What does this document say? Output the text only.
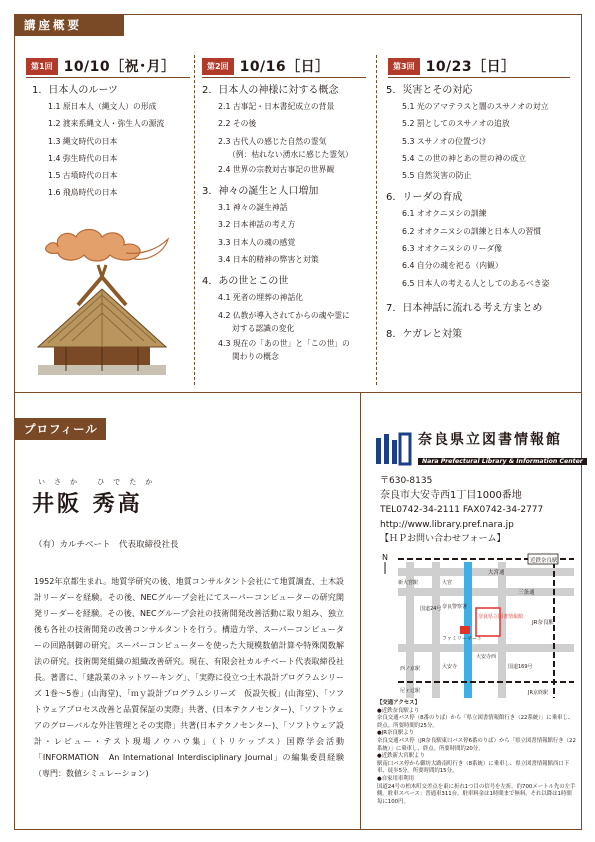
講座概要
第1回 10/10［祝･月］	第2回 10/16［日］	第3回 10/23［日］
1．日本人のルーツ
1.1 原日本人（縄文人）の形成
1.2 渡来系縄文人・弥生人の源流
1.3 縄文時代の日本
1.4 弥生時代の日本
1.5 古墳時代の日本
1.6 飛鳥時代の日本
2．日本人の神様に対する概念
2.1 古事記・日本書紀成立の背景
2.2 その後
2.3 古代人の感じた自然の霊気
（例：枯れない湧水に感じた霊気）
2.4 世界の宗教対古事記の世界観
3．神々の誕生と人口増加
3.1 神々の誕生神話
3.2 日本神話の考え方
3.3 日本人の魂の感覚
3.4 日本的精神の弊害と対策
4．あの世とこの世
4.1 死者の埋葬の神話化
4.2 仏教が導入されてからの魂や霊に
対する認識の変化
4.3 現在の「あの世」と「この世」の
関わりの概念
5．災害とその対応
5.1 光のアマテラスと闇のスサノオの対立
5.2 罰としてのスサノオの追放
5.3 スサノオの位置づけ
5.4 この世の神とあの世の神の成立
5.5 自然災害の防止
6．リーダの育成
6.1 オオクニヌシの訓練
6.2 オオクニヌシの訓練と日本人の習慣
6.3 オオクニヌシのリーダ像
6.4 自分の魂を祀る（内観）
6.5 日本人の考える人としてのあるべき姿
7．日本神話に流れる考え方まとめ
8．ケガレと対策
プロフィール
いさか ひでたか
井阪 秀高
（有）カルチベート　代表取締役社長
1952年京都生まれ。地質学研究の後、地質コンサルタント会社にて地質調査、土木設計リーダーを経験。その後、NECグループ会社にてスーパーコンピューターの研究開発リーダーを経験。その後、NECグループ会社の技術開発改善活動に取り組み、独立後も各社の技術開発の改善コンサルタントを行う。構造力学、スーパーコンピューターの回路制御の研究。スーパーコンピューターを使った大規模数値計算や特殊関数解法の研究。技術開発組織の組織改善研究。現在、有限会社カルチベート代表取締役社長。著書に、「建設業のネットワーキング」、「実際に役立つ土木設計プログラムシリーズ 1巻～5巻」(山海堂)、「ｍｙ設計プログラムシリーズ　仮設矢板」(山海堂)、「ソフトウェアプロセス改善と品質保証の実際」共著、(日本テクノセンター)、「ソフトウェアのグローバルな外注管理とその実際」共著(日本テクノセンター)、「ソフトウェア設計・レビュー・テスト現場ノウハウ集」（トリケップス）国際学会活動「INFORMATION　An International Interdisciplinary Journal」の編集委員経験（専門：数値シミュレーション)
奈良県立図書情報館
Nara Prefectural Library & Information Center
〒630-8135
奈良市大安寺西1丁目1000番地
TEL0742-34-2111 FAX0742-34-2777
http://www.library.pref.nara.jp
【ＨＰお問い合わせフォーム】
N	近鉄奈良駅
大宮通
三条通
JR奈良駅
奈良県立図書情報館
尼ヶ辻駅
西ノ京駅
国道24号
大安寺
奈良警察署
ファミリーマート
大安寺西
国道169号
大宮
新大宮駅
JR京終駅
【交通アクセス】
●近鉄奈良駅より
奈良交通バス停（8番のりば）から「県立図書情報館行き（22系統）」に乗車し、終点。所要時間約25分。
●JR奈良駅より
奈良交通バス停（JR奈良駅東口バス停6番のりば）から「県立図書情報館行き（22系統）」に乗車し、終点。所要時間約20分。
●近鉄新大宮駅より
駅南口バス停から御坊大路南町行き（8系統）に乗車し、県立図書情報館西口下車、徒歩5分。所要時間約15分。
●自家用車利用
国道24号の柏木町交差点を東に折れ1つ目の信号を左折。約700メートル先の左手側。駐車スペース：普通車311台。駐車料金は1時間まで無料。それ以降は1時間毎に100円。
